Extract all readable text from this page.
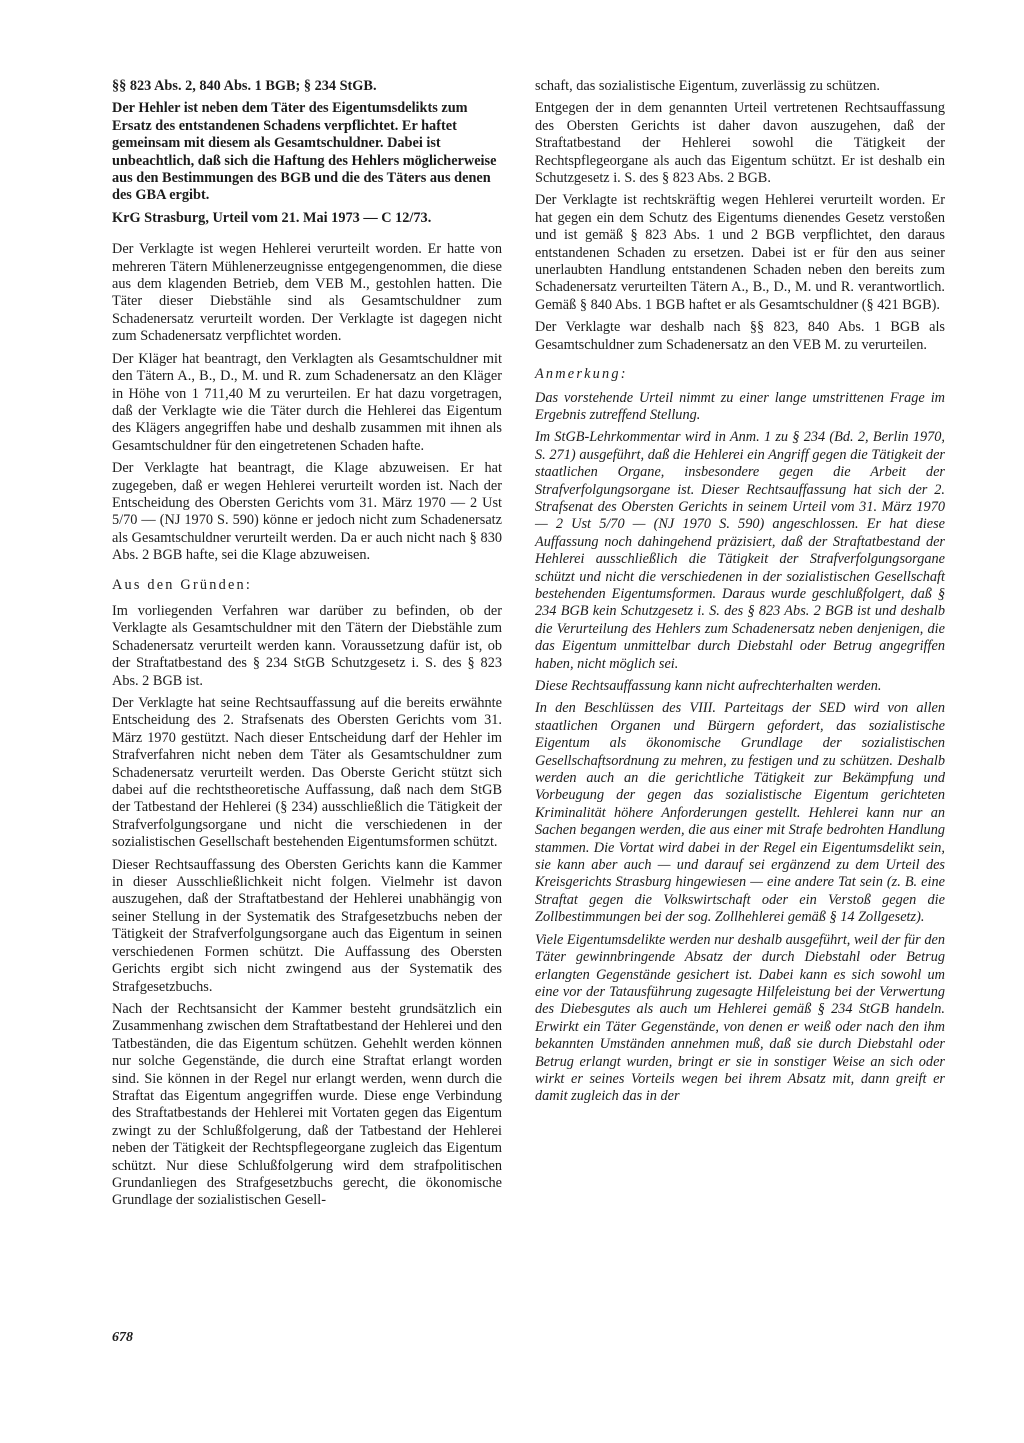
§§ 823 Abs. 2, 840 Abs. 1 BGB; § 234 StGB.
Der Hehler ist neben dem Täter des Eigentumsdelikts zum Ersatz des entstandenen Schadens verpflichtet. Er haftet gemeinsam mit diesem als Gesamtschuldner. Dabei ist unbeachtlich, daß sich die Haftung des Hehlers möglicherweise aus den Bestimmungen des BGB und die des Täters aus denen des GBA ergibt.
KrG Strasburg, Urteil vom 21. Mai 1973 — C 12/73.

Der Verklagte ist wegen Hehlerei verurteilt worden. Er hatte von mehreren Tätern Mühlenerzeugnisse entgegengenommen, die diese aus dem klagenden Betrieb, dem VEB M., gestohlen hatten. Die Täter dieser Diebstähle sind als Gesamtschuldner zum Schadenersatz verurteilt worden. Der Verklagte ist dagegen nicht zum Schadenersatz verpflichtet worden.

Der Kläger hat beantragt, den Verklagten als Gesamtschuldner mit den Tätern A., B., D., M. und R. zum Schadenersatz an den Kläger in Höhe von 1 711,40 M zu verurteilen. Er hat dazu vorgetragen, daß der Verklagte wie die Täter durch die Hehlerei das Eigentum des Klägers angegriffen habe und deshalb zusammen mit ihnen als Gesamtschuldner für den eingetretenen Schaden hafte.

Der Verklagte hat beantragt, die Klage abzuweisen. Er hat zugegeben, daß er wegen Hehlerei verurteilt worden ist. Nach der Entscheidung des Obersten Gerichts vom 31. März 1970 — 2 Ust 5/70 — (NJ 1970 S. 590) könne er jedoch nicht zum Schadenersatz als Gesamtschuldner verurteilt werden. Da er auch nicht nach § 830 Abs. 2 BGB hafte, sei die Klage abzuweisen.

Aus den Gründen:

Im vorliegenden Verfahren war darüber zu befinden, ob der Verklagte als Gesamtschuldner mit den Tätern der Diebstähle zum Schadenersatz verurteilt werden kann. Voraussetzung dafür ist, ob der Straftatbestand des § 234 StGB Schutzgesetz i. S. des § 823 Abs. 2 BGB ist.

Der Verklagte hat seine Rechtsauffassung auf die bereits erwähnte Entscheidung des 2. Strafsenats des Obersten Gerichts vom 31. März 1970 gestützt. Nach dieser Entscheidung darf der Hehler im Strafverfahren nicht neben dem Täter als Gesamtschuldner zum Schadenersatz verurteilt werden. Das Oberste Gericht stützt sich dabei auf die rechtstheoretische Auffassung, daß nach dem StGB der Tatbestand der Hehlerei (§ 234) ausschließlich die Tätigkeit der Strafverfolgungsorgane und nicht die verschiedenen in der sozialistischen Gesellschaft bestehenden Eigentumsformen schützt.

Dieser Rechtsauffassung des Obersten Gerichts kann die Kammer in dieser Ausschließlichkeit nicht folgen. Vielmehr ist davon auszugehen, daß der Straftatbestand der Hehlerei unabhängig von seiner Stellung in der Systematik des Strafgesetzbuchs neben der Tätigkeit der Strafverfolgungsorgane auch das Eigentum in seinen verschiedenen Formen schützt. Die Auffassung des Obersten Gerichts ergibt sich nicht zwingend aus der Systematik des Strafgesetzbuchs.

Nach der Rechtsansicht der Kammer besteht grundsätzlich ein Zusammenhang zwischen dem Straftatbestand der Hehlerei und den Tatbeständen, die das Eigentum schützen. Gehehlt werden können nur solche Gegenstände, die durch eine Straftat erlangt worden sind. Sie können in der Regel nur erlangt werden, wenn durch die Straftat das Eigentum angegriffen wurde. Diese enge Verbindung des Straftatbestands der Hehlerei mit Vortaten gegen das Eigentum zwingt zu der Schlußfolgerung, daß der Tatbestand der Hehlerei neben der Tätigkeit der Rechtspflegeorgane zugleich das Eigentum schützt. Nur diese Schlußfolgerung wird dem strafpolitischen Grundanliegen des Strafgesetzbuchs gerecht, die ökonomische Grundlage der sozialistischen Gesell-

schaft, das sozialistische Eigentum, zuverlässig zu schützen.

Entgegen der in dem genannten Urteil vertretenen Rechtsauffassung des Obersten Gerichts ist daher davon auszugehen, daß der Straftatbestand der Hehlerei sowohl die Tätigkeit der Rechtspflegeorgane als auch das Eigentum schützt. Er ist deshalb ein Schutzgesetz i. S. des § 823 Abs. 2 BGB.

Der Verklagte ist rechtskräftig wegen Hehlerei verurteilt worden. Er hat gegen ein dem Schutz des Eigentums dienendes Gesetz verstoßen und ist gemäß § 823 Abs. 1 und 2 BGB verpflichtet, den daraus entstandenen Schaden zu ersetzen. Dabei ist er für den aus seiner unerlaubten Handlung entstandenen Schaden neben den bereits zum Schadenersatz verurteilten Tätern A., B., D., M. und R. verantwortlich. Gemäß § 840 Abs. 1 BGB haftet er als Gesamtschuldner (§ 421 BGB).

Der Verklagte war deshalb nach §§ 823, 840 Abs. 1 BGB als Gesamtschuldner zum Schadenersatz an den VEB M. zu verurteilen.

Anmerkung:

Das vorstehende Urteil nimmt zu einer lange umstrittenen Frage im Ergebnis zutreffend Stellung.

Im StGB-Lehrkommentar wird in Anm. 1 zu § 234 (Bd. 2, Berlin 1970, S. 271) ausgeführt, daß die Hehlerei ein Angriff gegen die Tätigkeit der staatlichen Organe, insbesondere gegen die Arbeit der Strafverfolgungsorgane ist. Dieser Rechtsauffassung hat sich der 2. Strafsenat des Obersten Gerichts in seinem Urteil vom 31. März 1970 — 2 Ust 5/70 — (NJ 1970 S. 590) angeschlossen. Er hat diese Auffassung noch dahingehend präzisiert, daß der Straftatbestand der Hehlerei ausschließlich die Tätigkeit der Strafverfolgungsorgane schützt und nicht die verschiedenen in der sozialistischen Gesellschaft bestehenden Eigentumsformen. Daraus wurde geschlußfolgert, daß § 234 BGB kein Schutzgesetz i. S. des § 823 Abs. 2 BGB ist und deshalb die Verurteilung des Hehlers zum Schadenersatz neben denjenigen, die das Eigentum unmittelbar durch Diebstahl oder Betrug angegriffen haben, nicht möglich sei.

Diese Rechtsauffassung kann nicht aufrechterhalten werden.

In den Beschlüssen des VIII. Parteitags der SED wird von allen staatlichen Organen und Bürgern gefordert, das sozialistische Eigentum als ökonomische Grundlage der sozialistischen Gesellschaftsordnung zu mehren, zu festigen und zu schützen. Deshalb werden auch an die gerichtliche Tätigkeit zur Bekämpfung und Vorbeugung der gegen das sozialistische Eigentum gerichteten Kriminalität höhere Anforderungen gestellt. Hehlerei kann nur an Sachen begangen werden, die aus einer mit Strafe bedrohten Handlung stammen. Die Vortat wird dabei in der Regel ein Eigentumsdelikt sein, sie kann aber auch — und darauf sei ergänzend zu dem Urteil des Kreisgerichts Strasburg hingewiesen — eine andere Tat sein (z. B. eine Straftat gegen die Volkswirtschaft oder ein Verstoß gegen die Zollbestimmungen bei der sog. Zollhehlerei gemäß § 14 Zollgesetz).

Viele Eigentumsdelikte werden nur deshalb ausgeführt, weil der für den Täter gewinnbringende Absatz der durch Diebstahl oder Betrug erlangten Gegenstände gesichert ist. Dabei kann es sich sowohl um eine vor der Tatausführung zugesagte Hilfeleistung bei der Verwertung des Diebesgutes als auch um Hehlerei gemäß § 234 StGB handeln. Erwirkt ein Täter Gegenstände, von denen er weiß oder nach den ihm bekannten Umständen annehmen muß, daß sie durch Diebstahl oder Betrug erlangt wurden, bringt er sie in sonstiger Weise an sich oder wirkt er seines Vorteils wegen bei ihrem Absatz mit, dann greift er damit zugleich das in der

678
